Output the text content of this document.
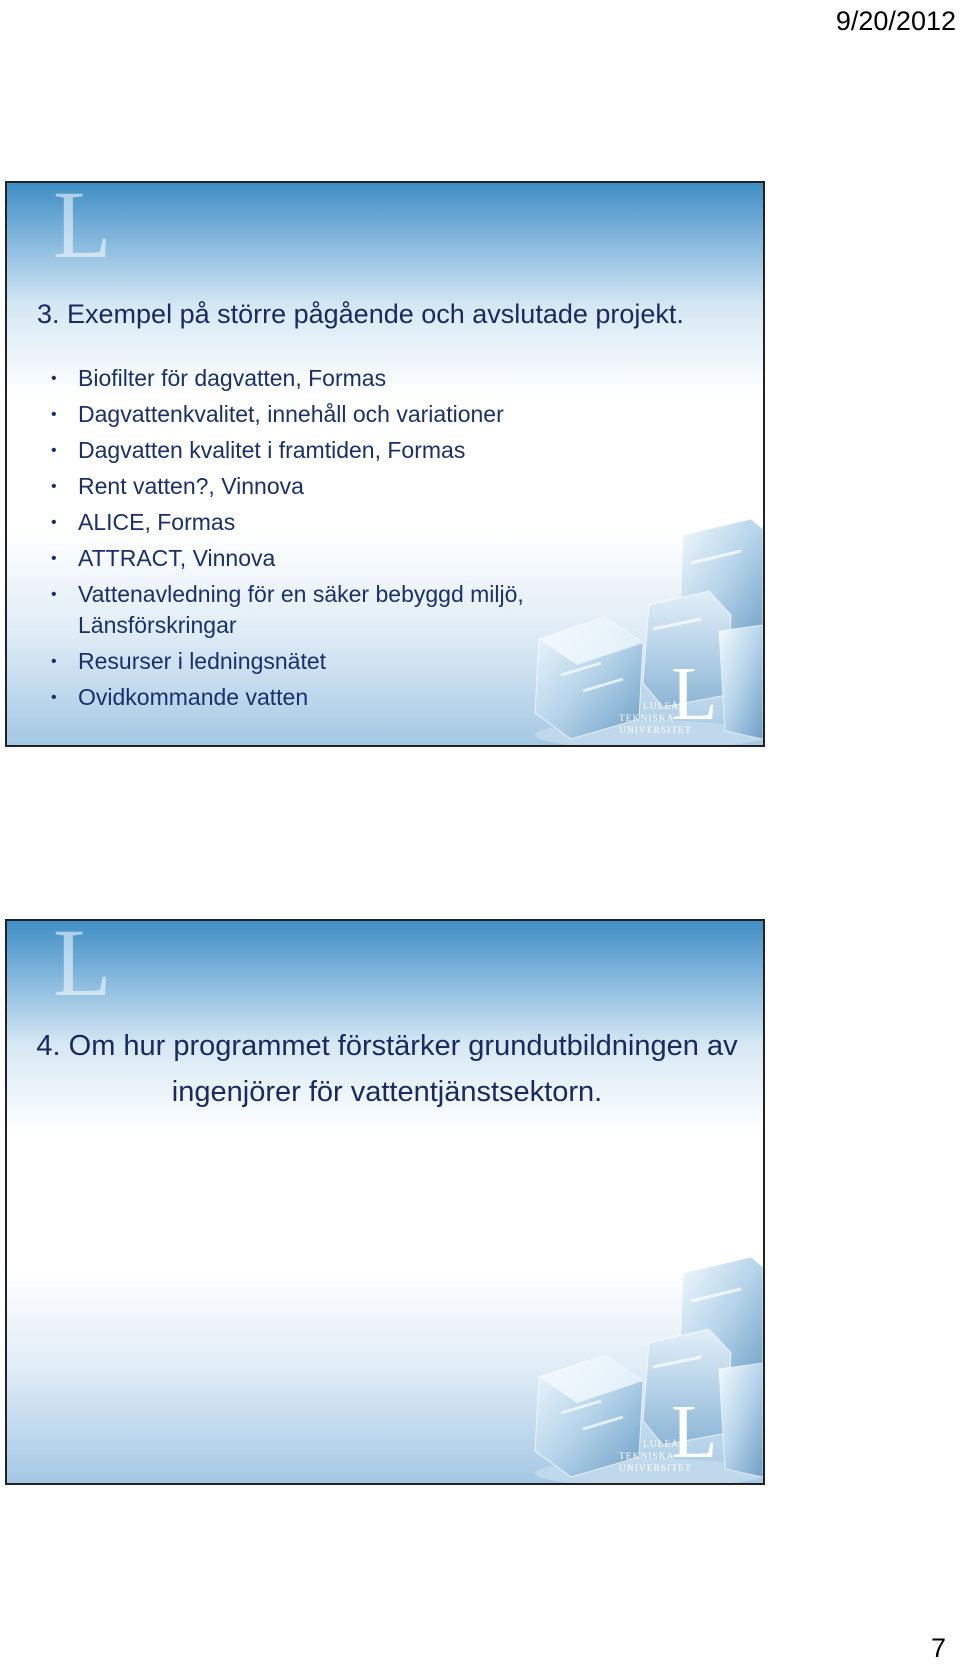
9/20/2012
L
3. Exempel på större pågående och avslutade projekt.
• Biofilter för dagvatten, Formas
• Dagvattenkvalitet, innehåll och variationer
• Dagvatten kvalitet i framtiden, Formas
• Rent vatten?, Vinnova
• ALICE, Formas
• ATTRACT, Vinnova
• Vattenavledning för en säker bebyggd miljö, Länsförskringar
• Resurser i ledningsnätet
• Ovidkommande vatten	L
LULEÅ
TEKNISKA
UNIVERSITET
L
4. Om hur programmet förstärker grundutbildningen av
ingenjörer för vattentjänstsektorn.
L
LULEÅ
TEKNISKA
UNIVERSITET
7
